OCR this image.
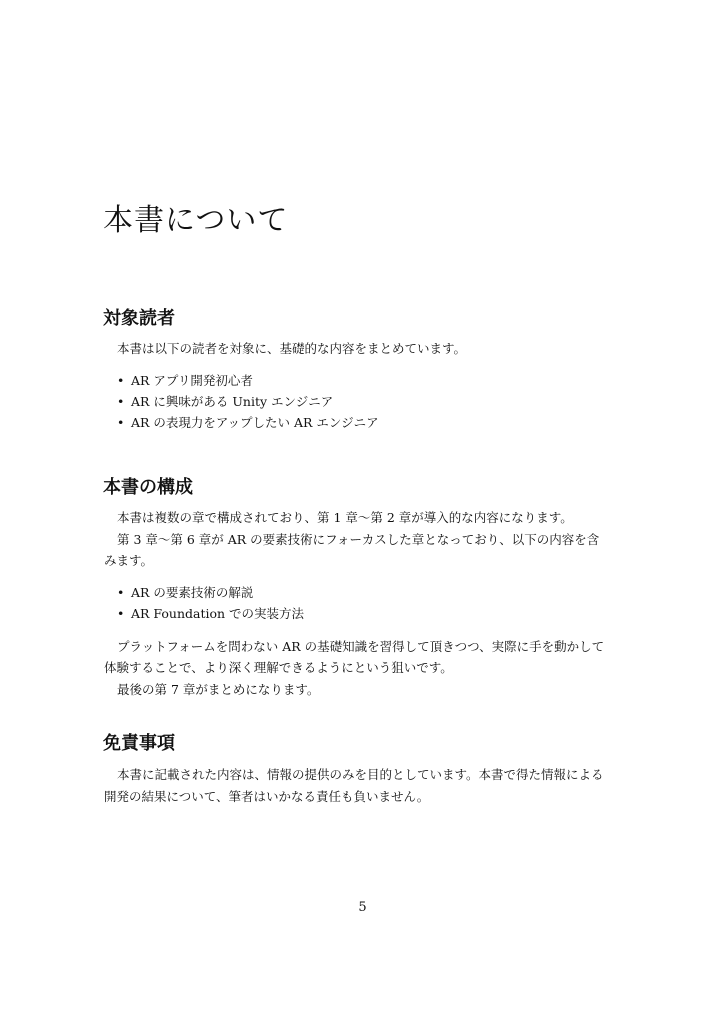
本書について
対象読者
本書は以下の読者を対象に、基礎的な内容をまとめています。
• AR アプリ開発初心者
• AR に興味がある Unity エンジニア
• AR の表現力をアップしたい AR エンジニア
本書の構成
本書は複数の章で構成されており、第 1 章〜第 2 章が導入的な内容になります。
第 3 章〜第 6 章が AR の要素技術にフォーカスした章となっており、以下の内容を含
みます。
• AR の要素技術の解説
• AR Foundation での実装方法
プラットフォームを問わない AR の基礎知識を習得して頂きつつ、実際に手を動かして
体験することで、より深く理解できるようにという狙いです。
最後の第 7 章がまとめになります。
免責事項
本書に記載された内容は、情報の提供のみを目的としています。本書で得た情報による
開発の結果について、筆者はいかなる責任も負いません。
5
